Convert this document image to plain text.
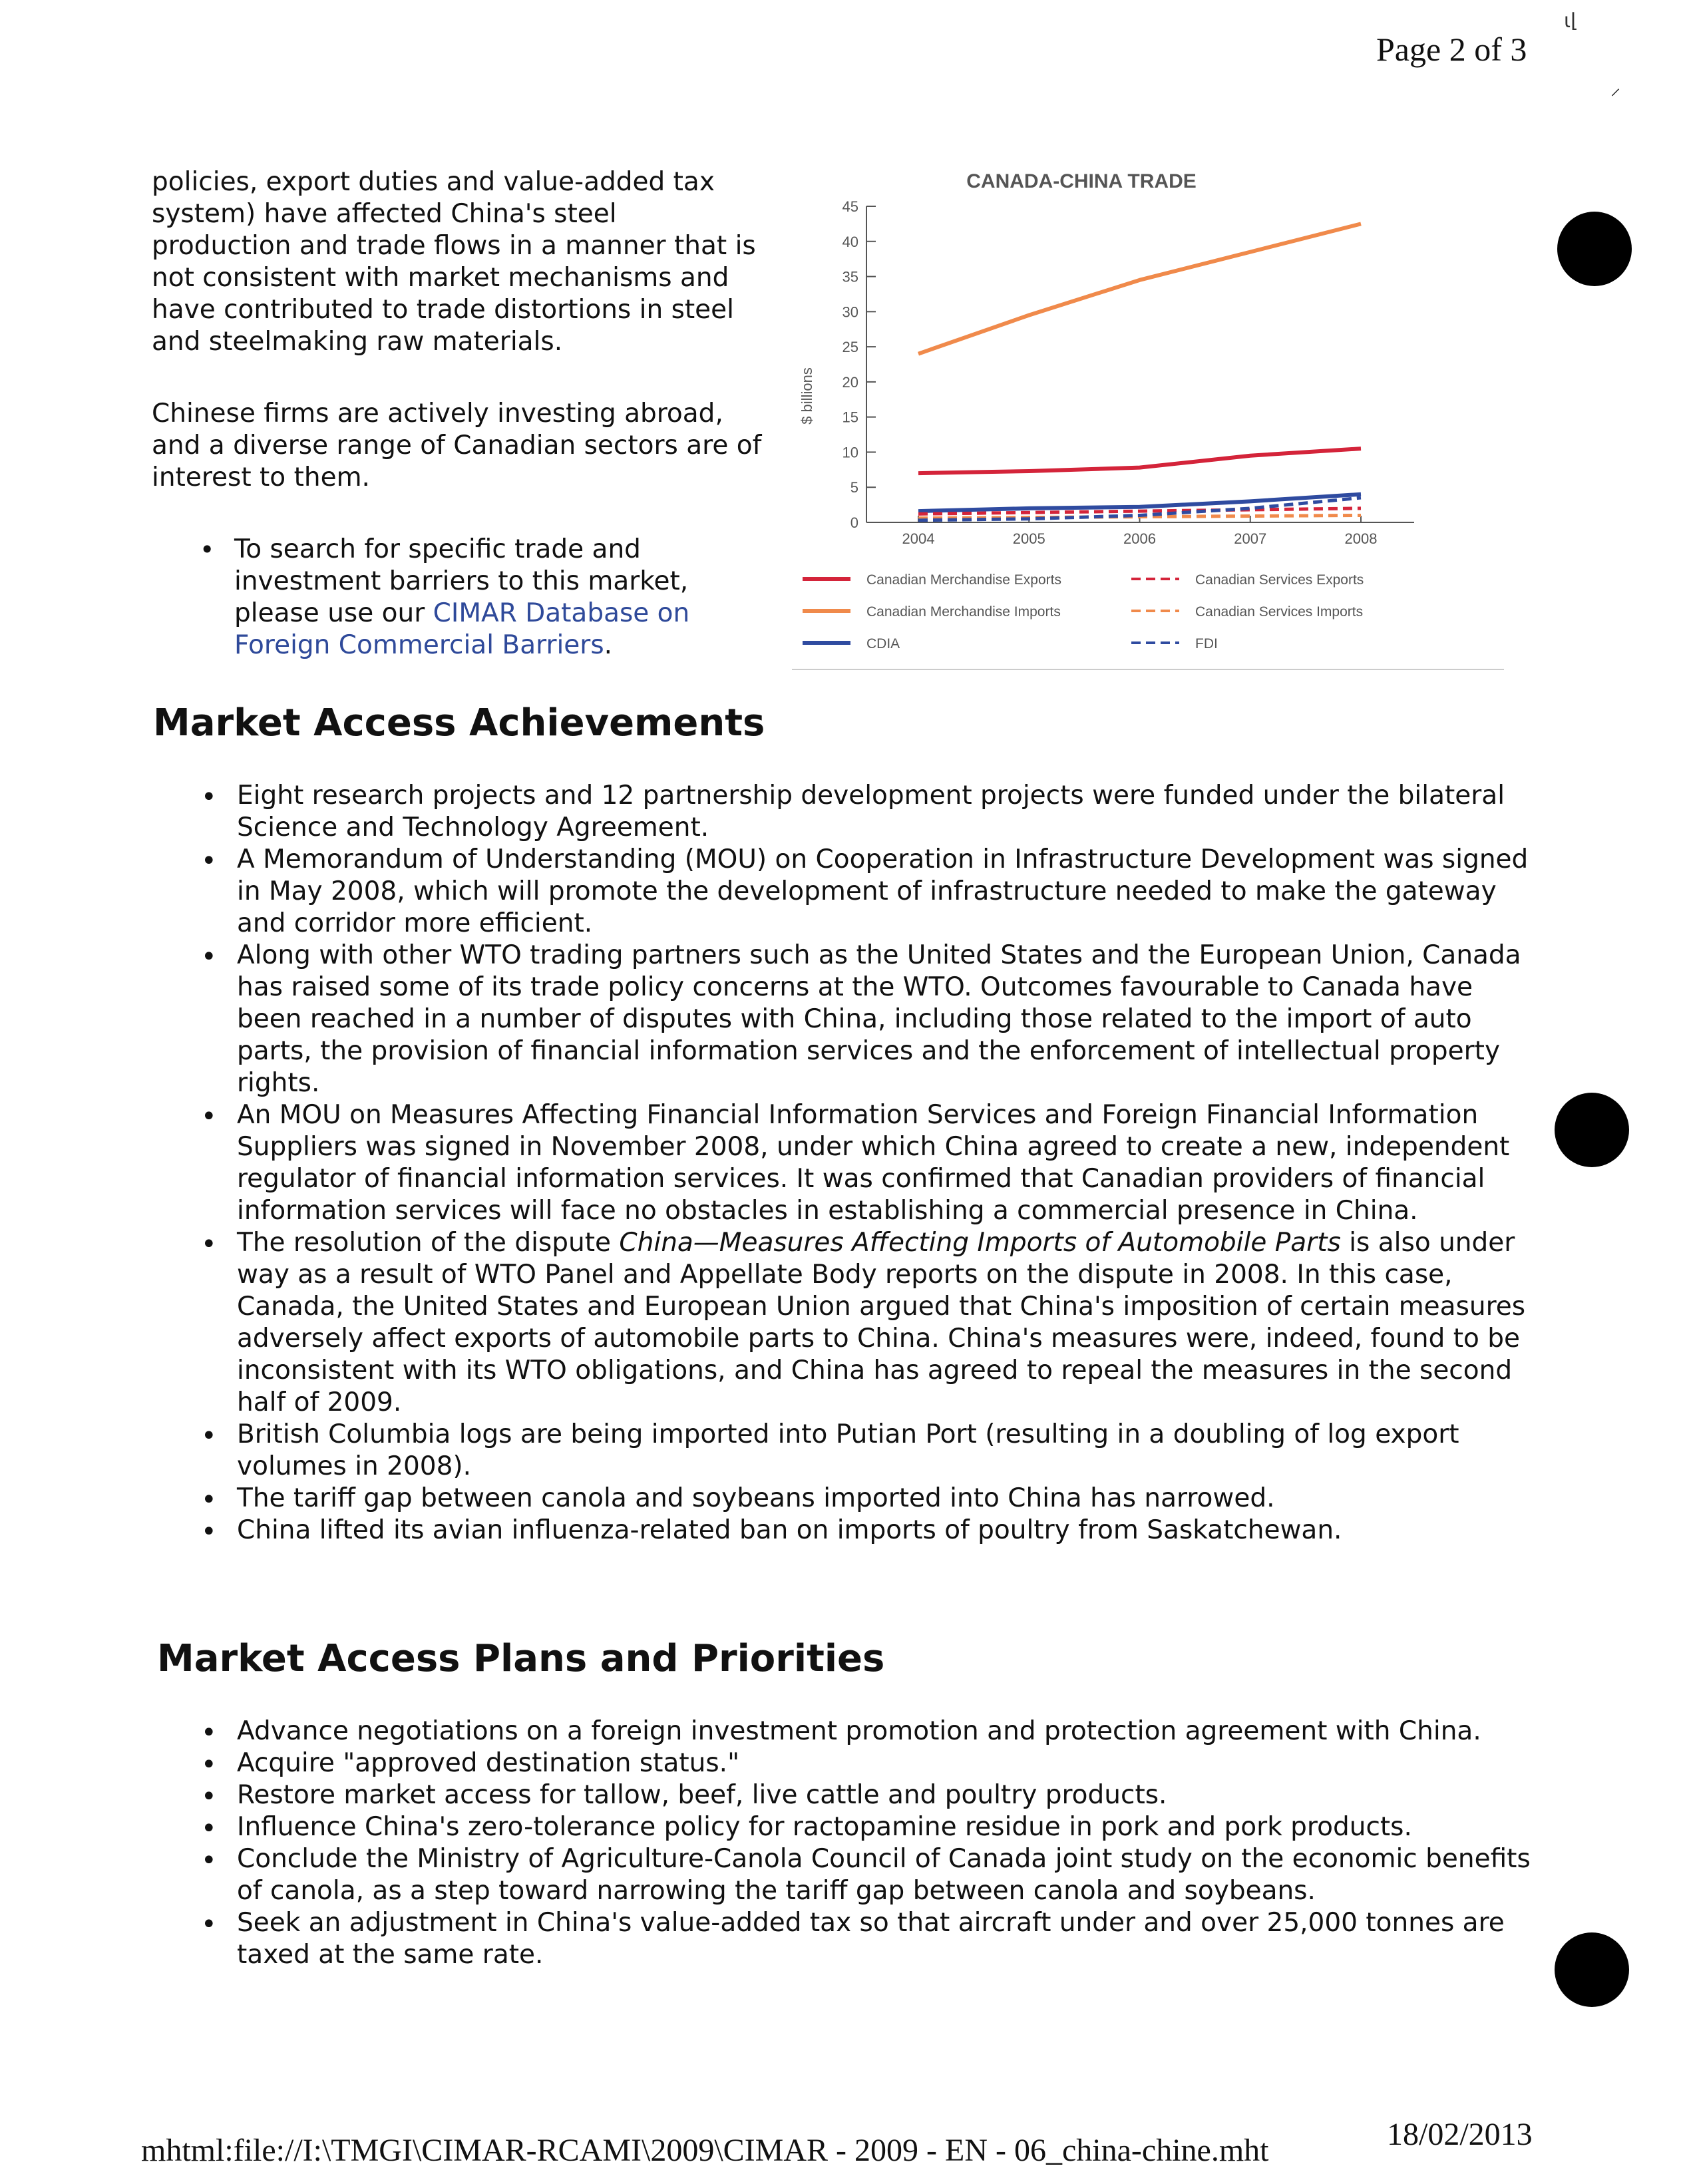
Page 2 of 3
ι⌊
⸝

policies, export duties and value-added tax system) have affected China's steel production and trade flows in a manner that is not consistent with market mechanisms and have contributed to trade distortions in steel and steelmaking raw materials.

Chinese firms are actively investing abroad, and a diverse range of Canadian sectors are of interest to them.

• To search for specific trade and investment barriers to this market, please use our CIMAR Database on Foreign Commercial Barriers.
CANADA-CHINA TRADE
$ billions
0
5
10
15
20
25
30
35
40
45
2004	2005	2006	2007	2008
Canadian Merchandise Exports
Canadian Merchandise Imports
CDIA
Canadian Services Exports
Canadian Services Imports
FDI
Market Access Achievements
• Eight research projects and 12 partnership development projects were funded under the bilateral Science and Technology Agreement.
• A Memorandum of Understanding (MOU) on Cooperation in Infrastructure Development was signed in May 2008, which will promote the development of infrastructure needed to make the gateway and corridor more efficient.
• Along with other WTO trading partners such as the United States and the European Union, Canada has raised some of its trade policy concerns at the WTO. Outcomes favourable to Canada have been reached in a number of disputes with China, including those related to the import of auto parts, the provision of financial information services and the enforcement of intellectual property rights.
• An MOU on Measures Affecting Financial Information Services and Foreign Financial Information Suppliers was signed in November 2008, under which China agreed to create a new, independent regulator of financial information services. It was confirmed that Canadian providers of financial information services will face no obstacles in establishing a commercial presence in China.
• The resolution of the dispute China—Measures Affecting Imports of Automobile Parts is also under way as a result of WTO Panel and Appellate Body reports on the dispute in 2008. In this case, Canada, the United States and European Union argued that China's imposition of certain measures adversely affect exports of automobile parts to China. China's measures were, indeed, found to be inconsistent with its WTO obligations, and China has agreed to repeal the measures in the second half of 2009.
• British Columbia logs are being imported into Putian Port (resulting in a doubling of log export volumes in 2008).
• The tariff gap between canola and soybeans imported into China has narrowed.
• China lifted its avian influenza-related ban on imports of poultry from Saskatchewan.
Market Access Plans and Priorities
• Advance negotiations on a foreign investment promotion and protection agreement with China.
• Acquire "approved destination status."
• Restore market access for tallow, beef, live cattle and poultry products.
• Influence China's zero-tolerance policy for ractopamine residue in pork and pork products.
• Conclude the Ministry of Agriculture-Canola Council of Canada joint study on the economic benefits of canola, as a step toward narrowing the tariff gap between canola and soybeans.
• Seek an adjustment in China's value-added tax so that aircraft under and over 25,000 tonnes are taxed at the same rate.
mhtml:file://I:\TMGI\CIMAR-RCAMI\2009\CIMAR - 2009 - EN - 06_china-chine.mht	18/02/2013
